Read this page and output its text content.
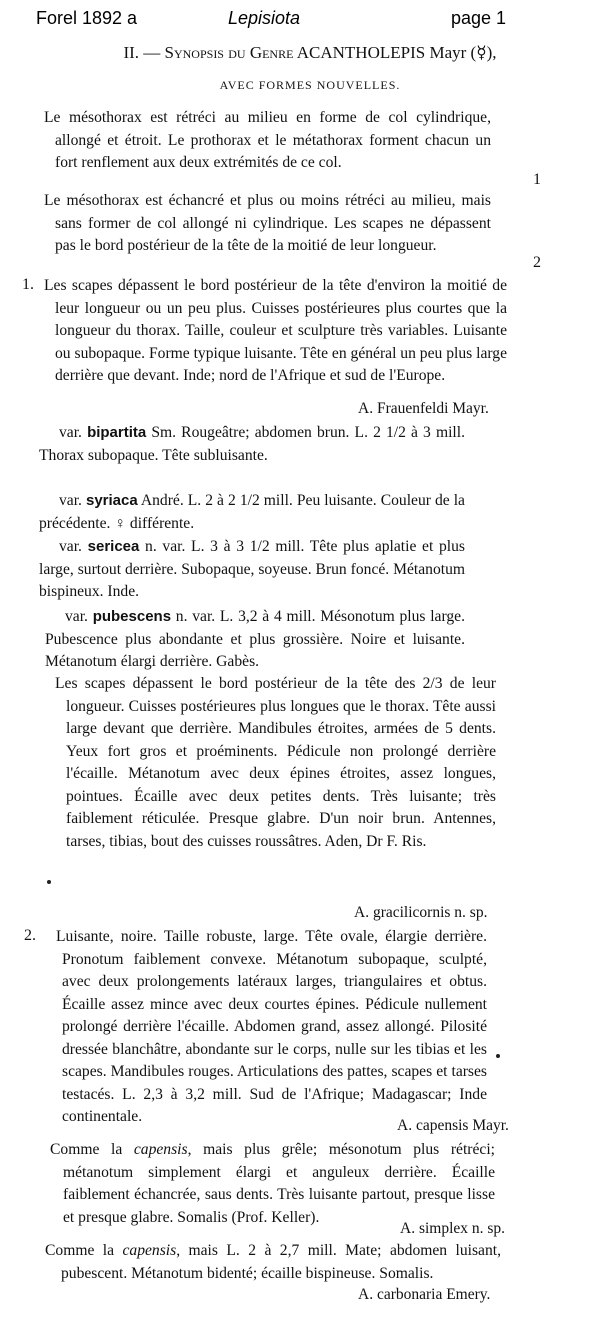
Forel 1892 a	Lepisiota	page 1
II. — Synopsis du Genre ACANTHOLEPIS Mayr (☿),
AVEC FORMES NOUVELLES.

Le mésothorax est rétréci au milieu en forme de col cylindrique, allongé et étroit. Le prothorax et le métathorax forment chacun un fort renflement aux deux extrémités de ce col.

1

Le mésothorax est échancré et plus ou moins rétréci au milieu, mais sans former de col allongé ni cylindrique. Les scapes ne dépassent pas le bord postérieur de la tête de la moitié de leur longueur.

2
1. Les scapes dépassent le bord postérieur de la tête d'environ la moitié de leur longueur ou un peu plus. Cuisses postérieures plus courtes que la longueur du thorax. Taille, couleur et sculpture très variables. Luisante ou subopaque. Forme typique luisante. Tête en général un peu plus large derrière que devant. Inde; nord de l'Afrique et sud de l'Europe.

A. Frauenfeldi Mayr.

var. bipartita Sm. Rougeâtre; abdomen brun. L. 2 1/2 à 3 mill. Thorax subopaque. Tête subluisante.

var. syriaca André. L. 2 à 2 1/2 mill. Peu luisante. Couleur de la précédente. ♀ différente.

var. sericea n. var. L. 3 à 3 1/2 mill. Tête plus aplatie et plus large, surtout derrière. Subopaque, soyeuse. Brun foncé. Métanotum bispineux. Inde.

var. pubescens n. var. L. 3,2 à 4 mill. Mésonotum plus large. Pubescence plus abondante et plus grossière. Noire et luisante. Métanotum élargi derrière. Gabès.

Les scapes dépassent le bord postérieur de la tête des 2/3 de leur longueur. Cuisses postérieures plus longues que le thorax. Tête aussi large devant que derrière. Mandibules étroites, armées de 5 dents. Yeux fort gros et proéminents. Pédicule non prolongé derrière l'écaille. Métanotum avec deux épines étroites, assez longues, pointues. Écaille avec deux petites dents. Très luisante; très faiblement réticulée. Presque glabre. D'un noir brun. Antennes, tarses, tibias, bout des cuisses roussâtres. Aden, Dr F. Ris.

A. gracilicornis n. sp.
2. Luisante, noire. Taille robuste, large. Tête ovale, élargie derrière. Pronotum faiblement convexe. Métanotum subopaque, sculpté, avec deux prolongements latéraux larges, triangulaires et obtus. Écaille assez mince avec deux courtes épines. Pédicule nullement prolongé derrière l'écaille. Abdomen grand, assez allongé. Pilosité dressée blanchâtre, abondante sur le corps, nulle sur les tibias et les scapes. Mandibules rouges. Articulations des pattes, scapes et tarses testacés. L. 2,3 à 3,2 mill. Sud de l'Afrique; Madagascar; Inde continentale.

A. capensis Mayr.

Comme la capensis, mais plus grêle; mésonotum plus rétréci; métanotum simplement élargi et anguleux derrière. Écaille faiblement échancrée, saus dents. Très luisante partout, presque lisse et presque glabre. Somalis (Prof. Keller).

A. simplex n. sp.

Comme la capensis, mais L. 2 à 2,7 mill. Mate; abdomen luisant, pubescent. Métanotum bidenté; écaille bispineuse. Somalis.

A. carbonaria Emery.
